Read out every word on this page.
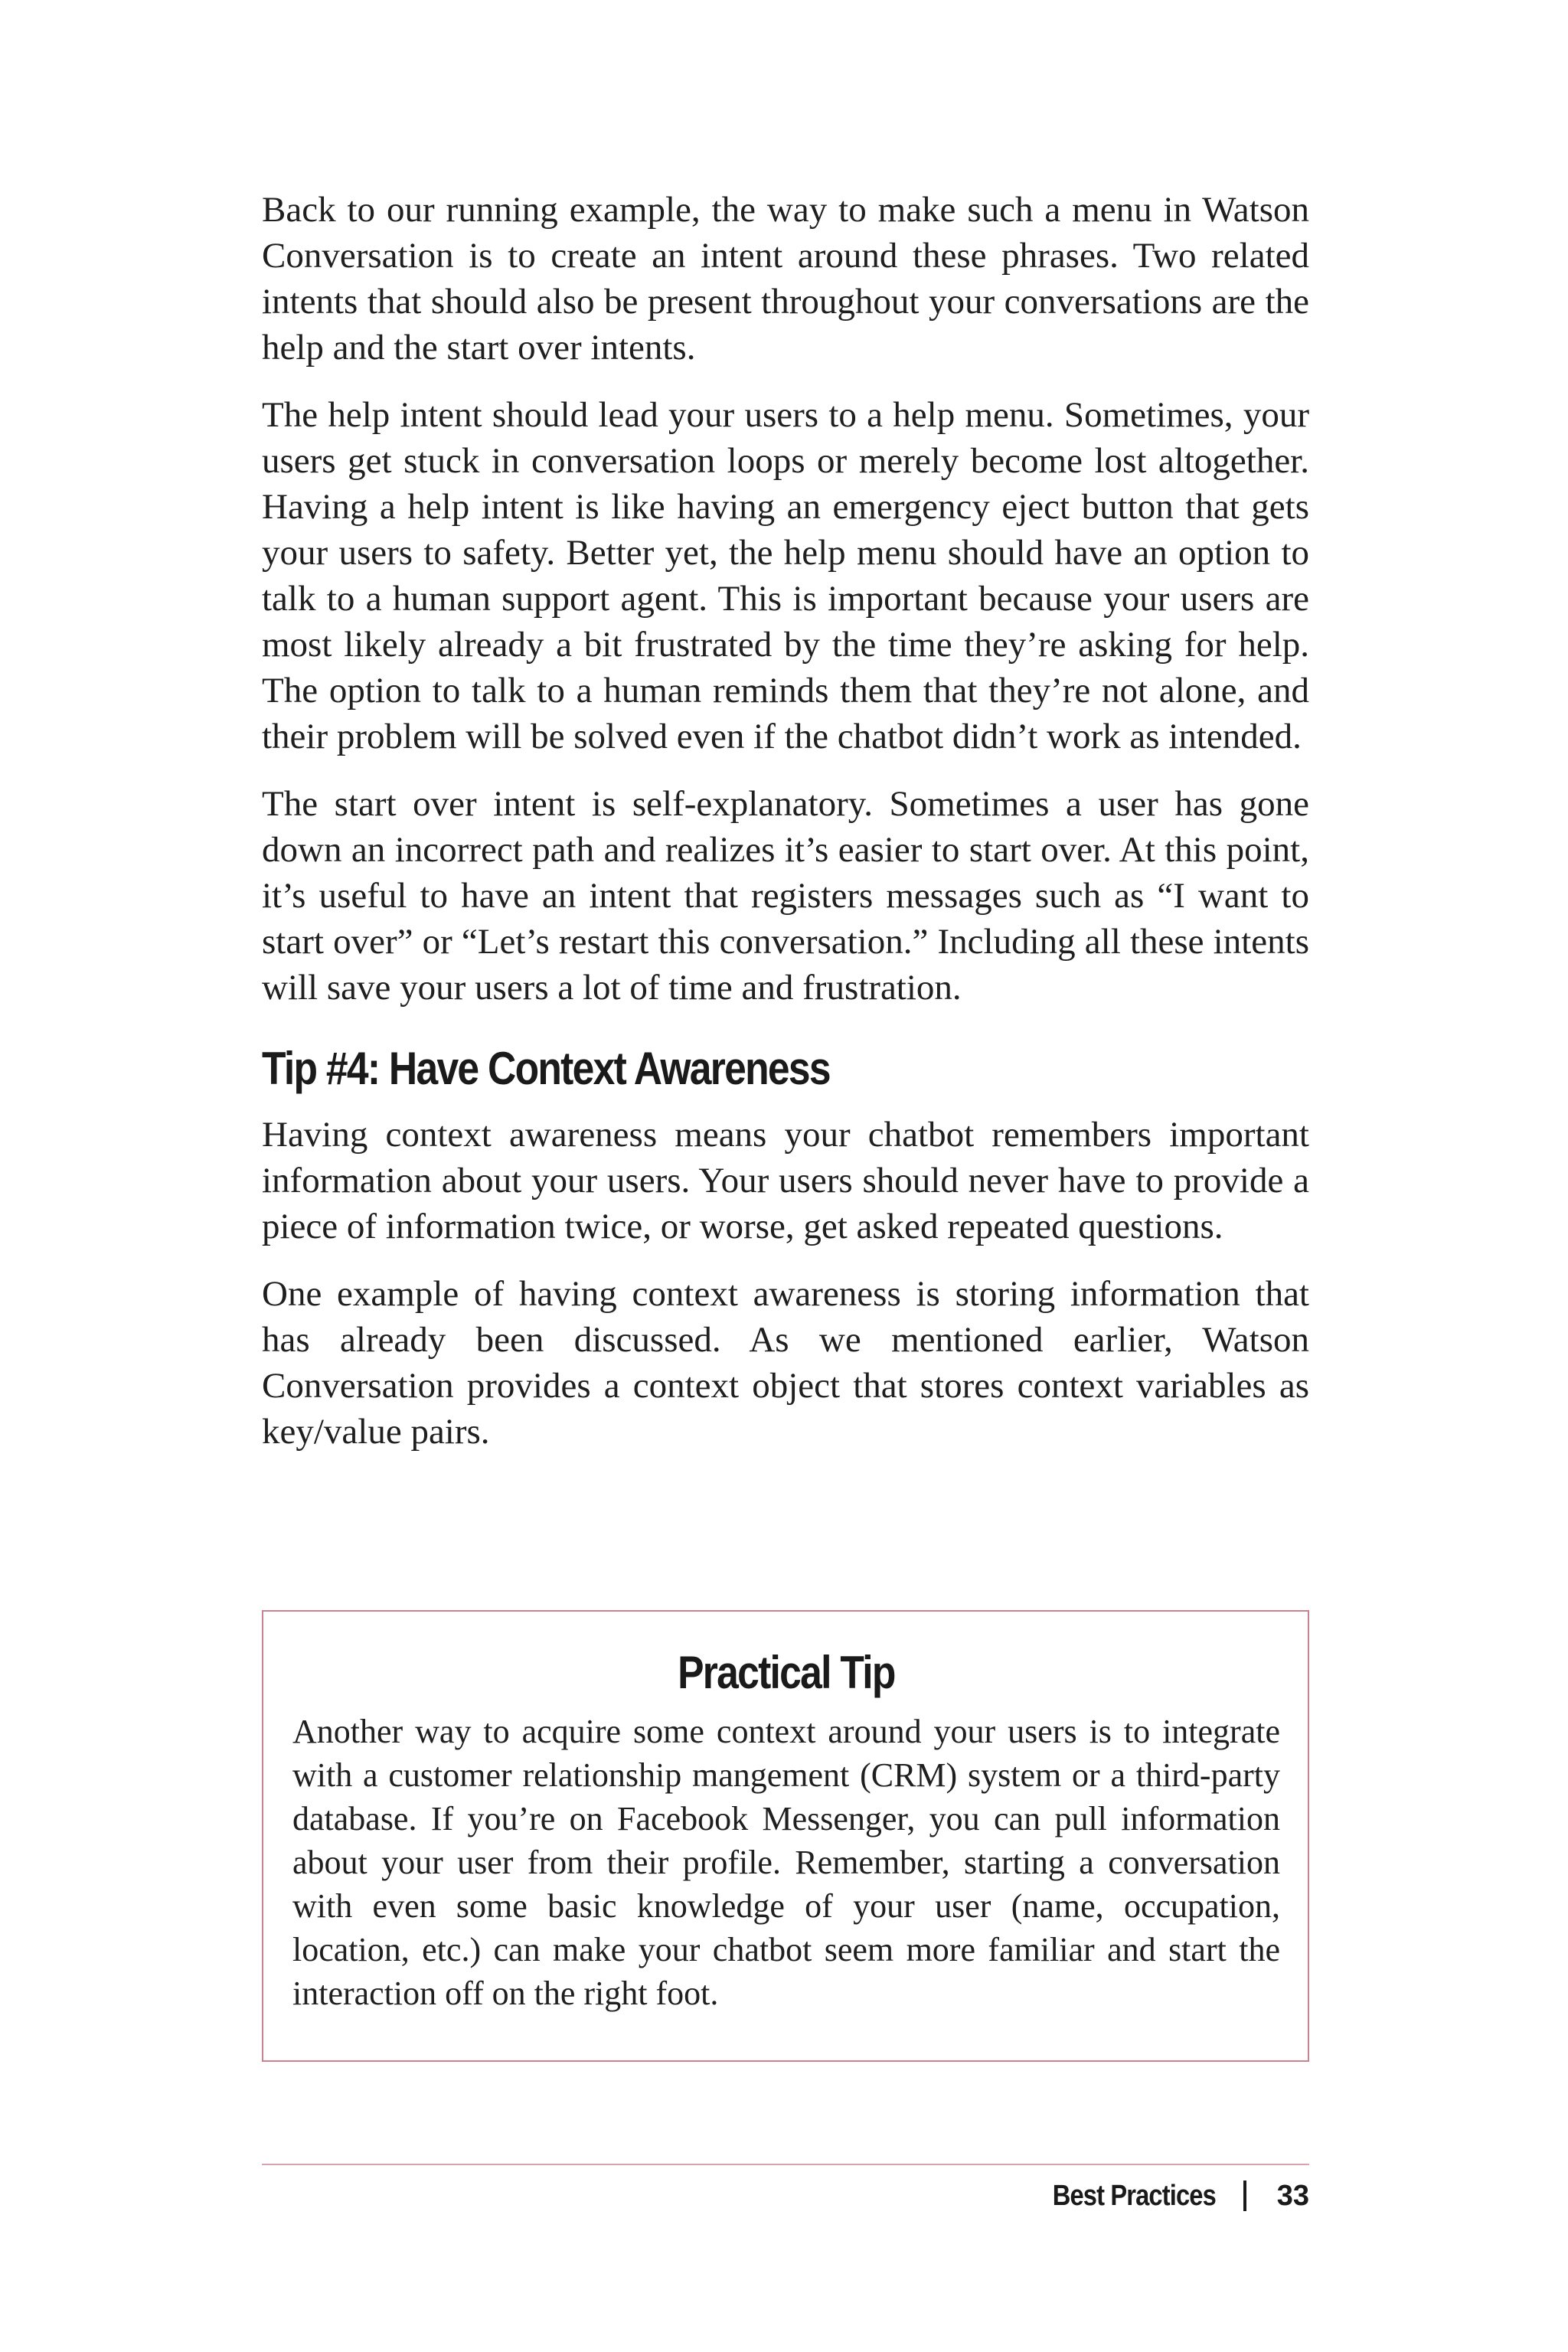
Back to our running example, the way to make such a menu in Watson Conversation is to create an intent around these phrases. Two related intents that should also be present throughout your conversations are the help and the start over intents.

The help intent should lead your users to a help menu. Sometimes, your users get stuck in conversation loops or merely become lost altogether. Having a help intent is like having an emergency eject button that gets your users to safety. Better yet, the help menu should have an option to talk to a human support agent. This is important because your users are most likely already a bit frustrated by the time they’re asking for help. The option to talk to a human reminds them that they’re not alone, and their problem will be solved even if the chatbot didn’t work as intended.

The start over intent is self-explanatory. Sometimes a user has gone down an incorrect path and realizes it’s easier to start over. At this point, it’s useful to have an intent that registers messages such as “I want to start over” or “Let’s restart this conversation.” Including all these intents will save your users a lot of time and frustration.

Tip #4: Have Context Awareness

Having context awareness means your chatbot remembers important information about your users. Your users should never have to provide a piece of information twice, or worse, get asked repeated questions.

One example of having context awareness is storing information that has already been discussed. As we mentioned earlier, Watson Conversation provides a context object that stores context variables as key/value pairs.

Practical Tip

Another way to acquire some context around your users is to integrate with a customer relationship mangement (CRM) system or a third-party database. If you’re on Facebook Messenger, you can pull information about your user from their profile. Remember, starting a conversation with even some basic knowledge of your user (name, occupation, location, etc.) can make your chatbot seem more familiar and start the interaction off on the right foot.

Best Practices 33
